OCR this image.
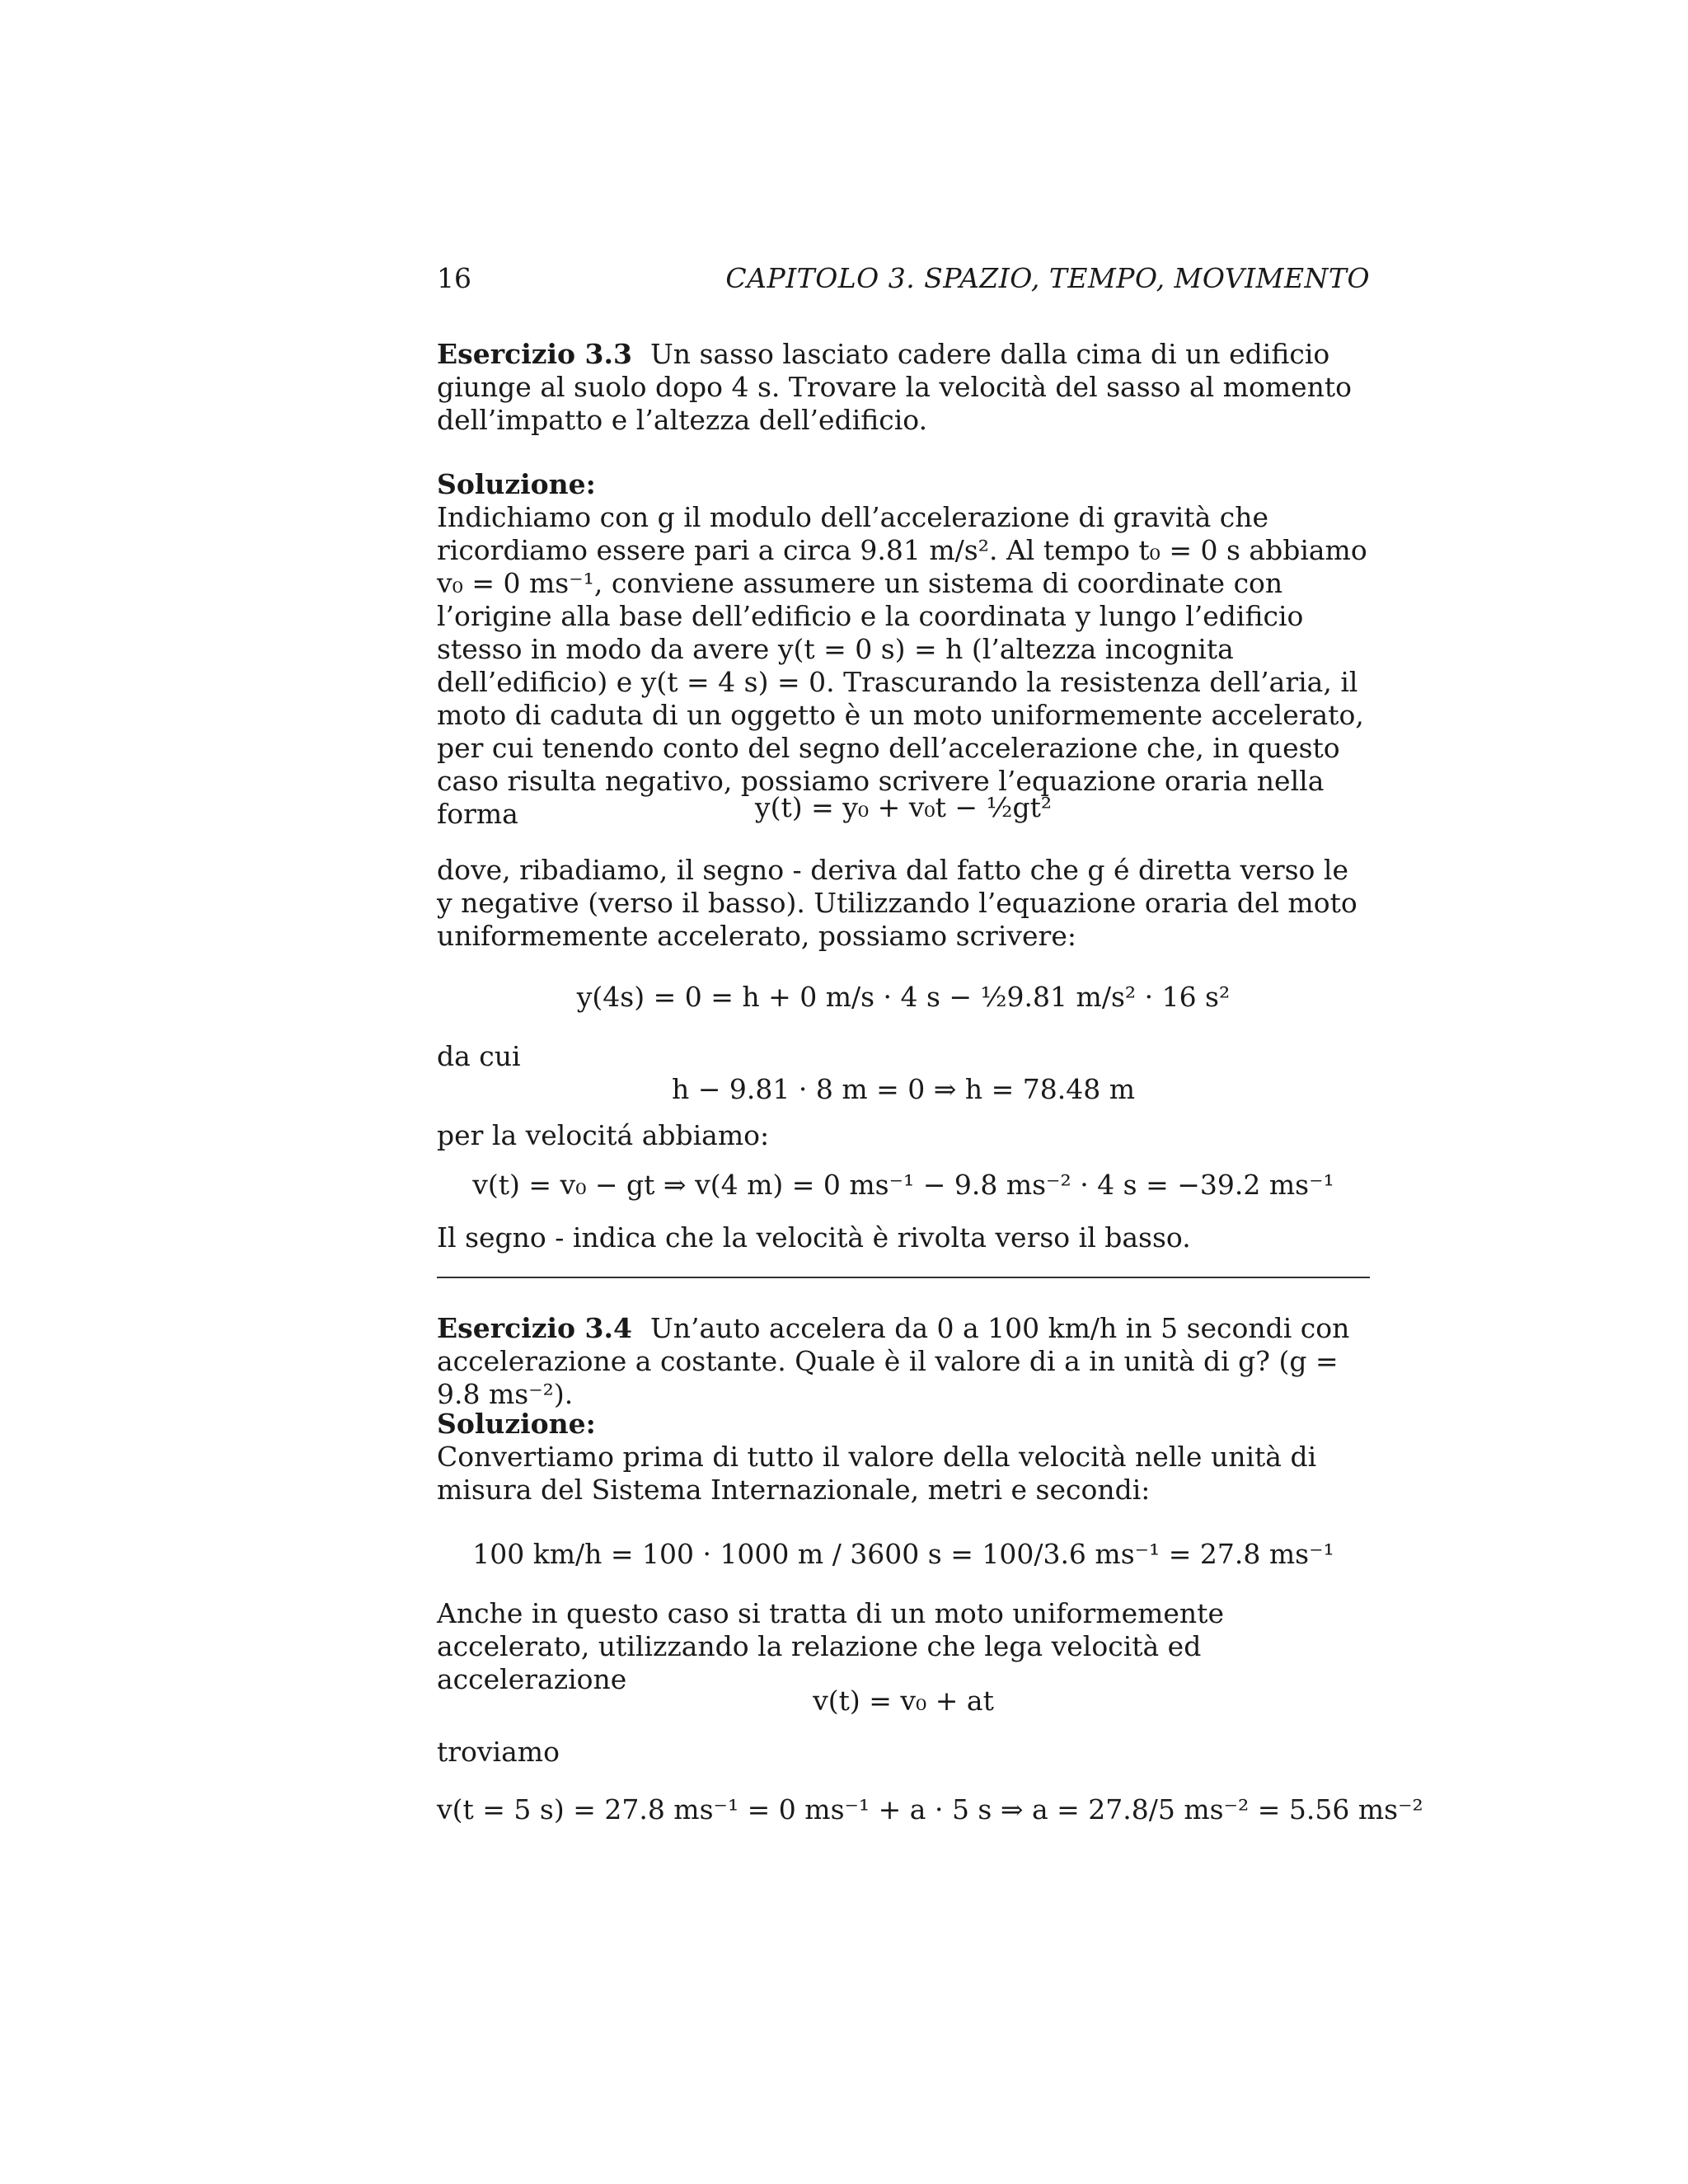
16	CAPITOLO 3. SPAZIO, TEMPO, MOVIMENTO

Esercizio 3.3 Un sasso lasciato cadere dalla cima di un edificio giunge al suolo dopo 4 s. Trovare la velocità del sasso al momento dell’impatto e l’altezza dell’edificio.

Soluzione:

Indichiamo con g il modulo dell’accelerazione di gravità che ricordiamo essere pari a circa 9.81 m/s². Al tempo t₀ = 0 s abbiamo v₀ = 0 ms⁻¹, conviene assumere un sistema di coordinate con l’origine alla base dell’edificio e la coordinata y lungo l’edificio stesso in modo da avere y(t = 0 s) = h (l’altezza incognita dell’edificio) e y(t = 4 s) = 0. Trascurando la resistenza dell’aria, il moto di caduta di un oggetto è un moto uniformemente accelerato, per cui tenendo conto del segno dell’accelerazione che, in questo caso risulta negativo, possiamo scrivere l’equazione oraria nella forma	y(t) = y₀ + v₀t − ½gt²

dove, ribadiamo, il segno - deriva dal fatto che g é diretta verso le y negative (verso il basso). Utilizzando l’equazione oraria del moto uniformemente accelerato, possiamo scrivere:

y(4s) = 0 = h + 0 m/s · 4 s − ½9.81 m/s² · 16 s²
da cui
h − 9.81 · 8 m = 0 ⇒ h = 78.48 m
per la velocitá abbiamo:
v(t) = v₀ − gt ⇒ v(4 m) = 0 ms⁻¹ − 9.8 ms⁻² · 4 s = −39.2 ms⁻¹
Il segno - indica che la velocità è rivolta verso il basso.

Esercizio 3.4 Un’auto accelera da 0 a 100 km/h in 5 secondi con accelerazione a costante. Quale è il valore di a in unità di g? (g = 9.8 ms⁻²).

Soluzione:

Convertiamo prima di tutto il valore della velocità nelle unità di misura del Sistema Internazionale, metri e secondi:

100 km/h = 100 · 1000 m / 3600 s = 100/3.6 ms⁻¹ = 27.8 ms⁻¹

Anche in questo caso si tratta di un moto uniformemente accelerato, utilizzando la relazione che lega velocità ed accelerazione

v(t) = v₀ + at
troviamo
v(t = 5 s) = 27.8 ms⁻¹ = 0 ms⁻¹ + a · 5 s ⇒ a = 27.8/5 ms⁻² = 5.56 ms⁻²
